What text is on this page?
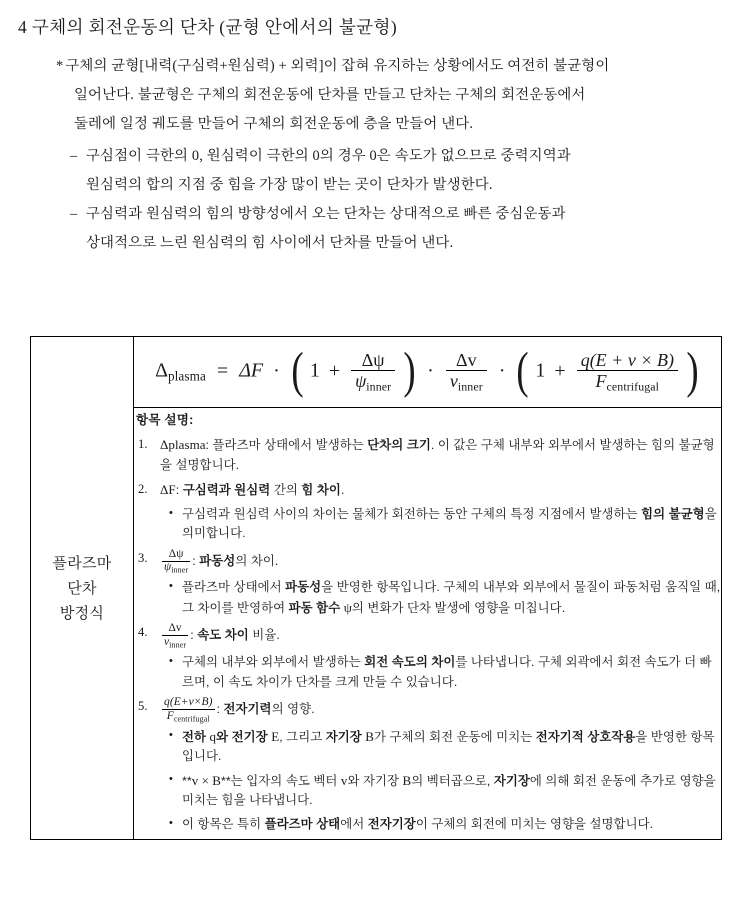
4 구체의 회전운동의 단차 (균형 안에서의 불균형)

* 구체의 균형[내력(구심력+원심력) + 외력]이 잡혀 유지하는 상황에서도 여전히 불균형이

일어난다. 불균형은 구체의 회전운동에 단차를 만들고 단차는 구체의 회전운동에서

둘레에 일정 궤도를 만들어 구체의 회전운동에 층을 만들어 낸다.

– 구심점이 극한의 0, 원심력이 극한의 0의 경우 0은 속도가 없으므로 중력지역과
원심력의 합의 지점 중 힘을 가장 많이 받는 곳이 단차가 발생한다.
– 구심력과 원심력의 힘의 방향성에서 오는 단차는 상대적으로 빠른 중심운동과
상대적으로 느린 원심력의 힘 사이에서 단차를 만들어 낸다.
플라즈마
단차
방정식
	$\Delta_{plasma} = \Delta F$ · ( $1 + \frac{\Delta\psi}{\psi_{inner}}$ ) · $\frac{\Delta v}{v_{inner}}$ · ( $1 + \frac{q(E + v \times B)}{F_{centrifugal}}$ )

항목 설명:
Δplasma: 플라즈마 상태에서 발생하는 단차의 크기. 이 값은 구체 내부와 외부에서 발생하는 힘의 불균형을 설명합니다.
ΔF: 구심력과 원심력 간의 힘 차이.
• 구심력과 원심력 사이의 차이는 물체가 회전하는 동안 구체의 특정 지점에서 발생하는 힘의 불균형을 의미합니다.
$\frac{\Delta\psi}{\psi_{inner}}$ : 파동성의 차이.
• 플라즈마 상태에서 파동성을 반영한 항목입니다. 구체의 내부와 외부에서 물질이 파동처럼 움직일 때, 그 차이를 반영하여 파동 함수 ψ의 변화가 단차 발생에 영향을 미칩니다.
$\frac{\Delta v}{v_{inner}}$ : 속도 차이 비율.
• 구체의 내부와 외부에서 발생하는 회전 속도의 차이를 나타냅니다. 구체 외곽에서 회전 속도가 더 빠르며, 이 속도 차이가 단차를 크게 만들 수 있습니다.
$\frac{q(E+v\times B)}{F_{centrifugal}}$ : 전자기력의 영향.
• 전하 q와 전기장 E, 그리고 자기장 B가 구체의 회전 운동에 미치는 전자기적 상호작용을 반영한 항목입니다.
• **v × B**는 입자의 속도 벡터 v와 자기장 B의 벡터곱으로, 자기장에 의해 회전 운동에 추가로 영향을 미치는 힘을 나타냅니다.
• 이 항목은 특히 플라즈마 상태에서 전자기장이 구체의 회전에 미치는 영향을 설명합니다.
